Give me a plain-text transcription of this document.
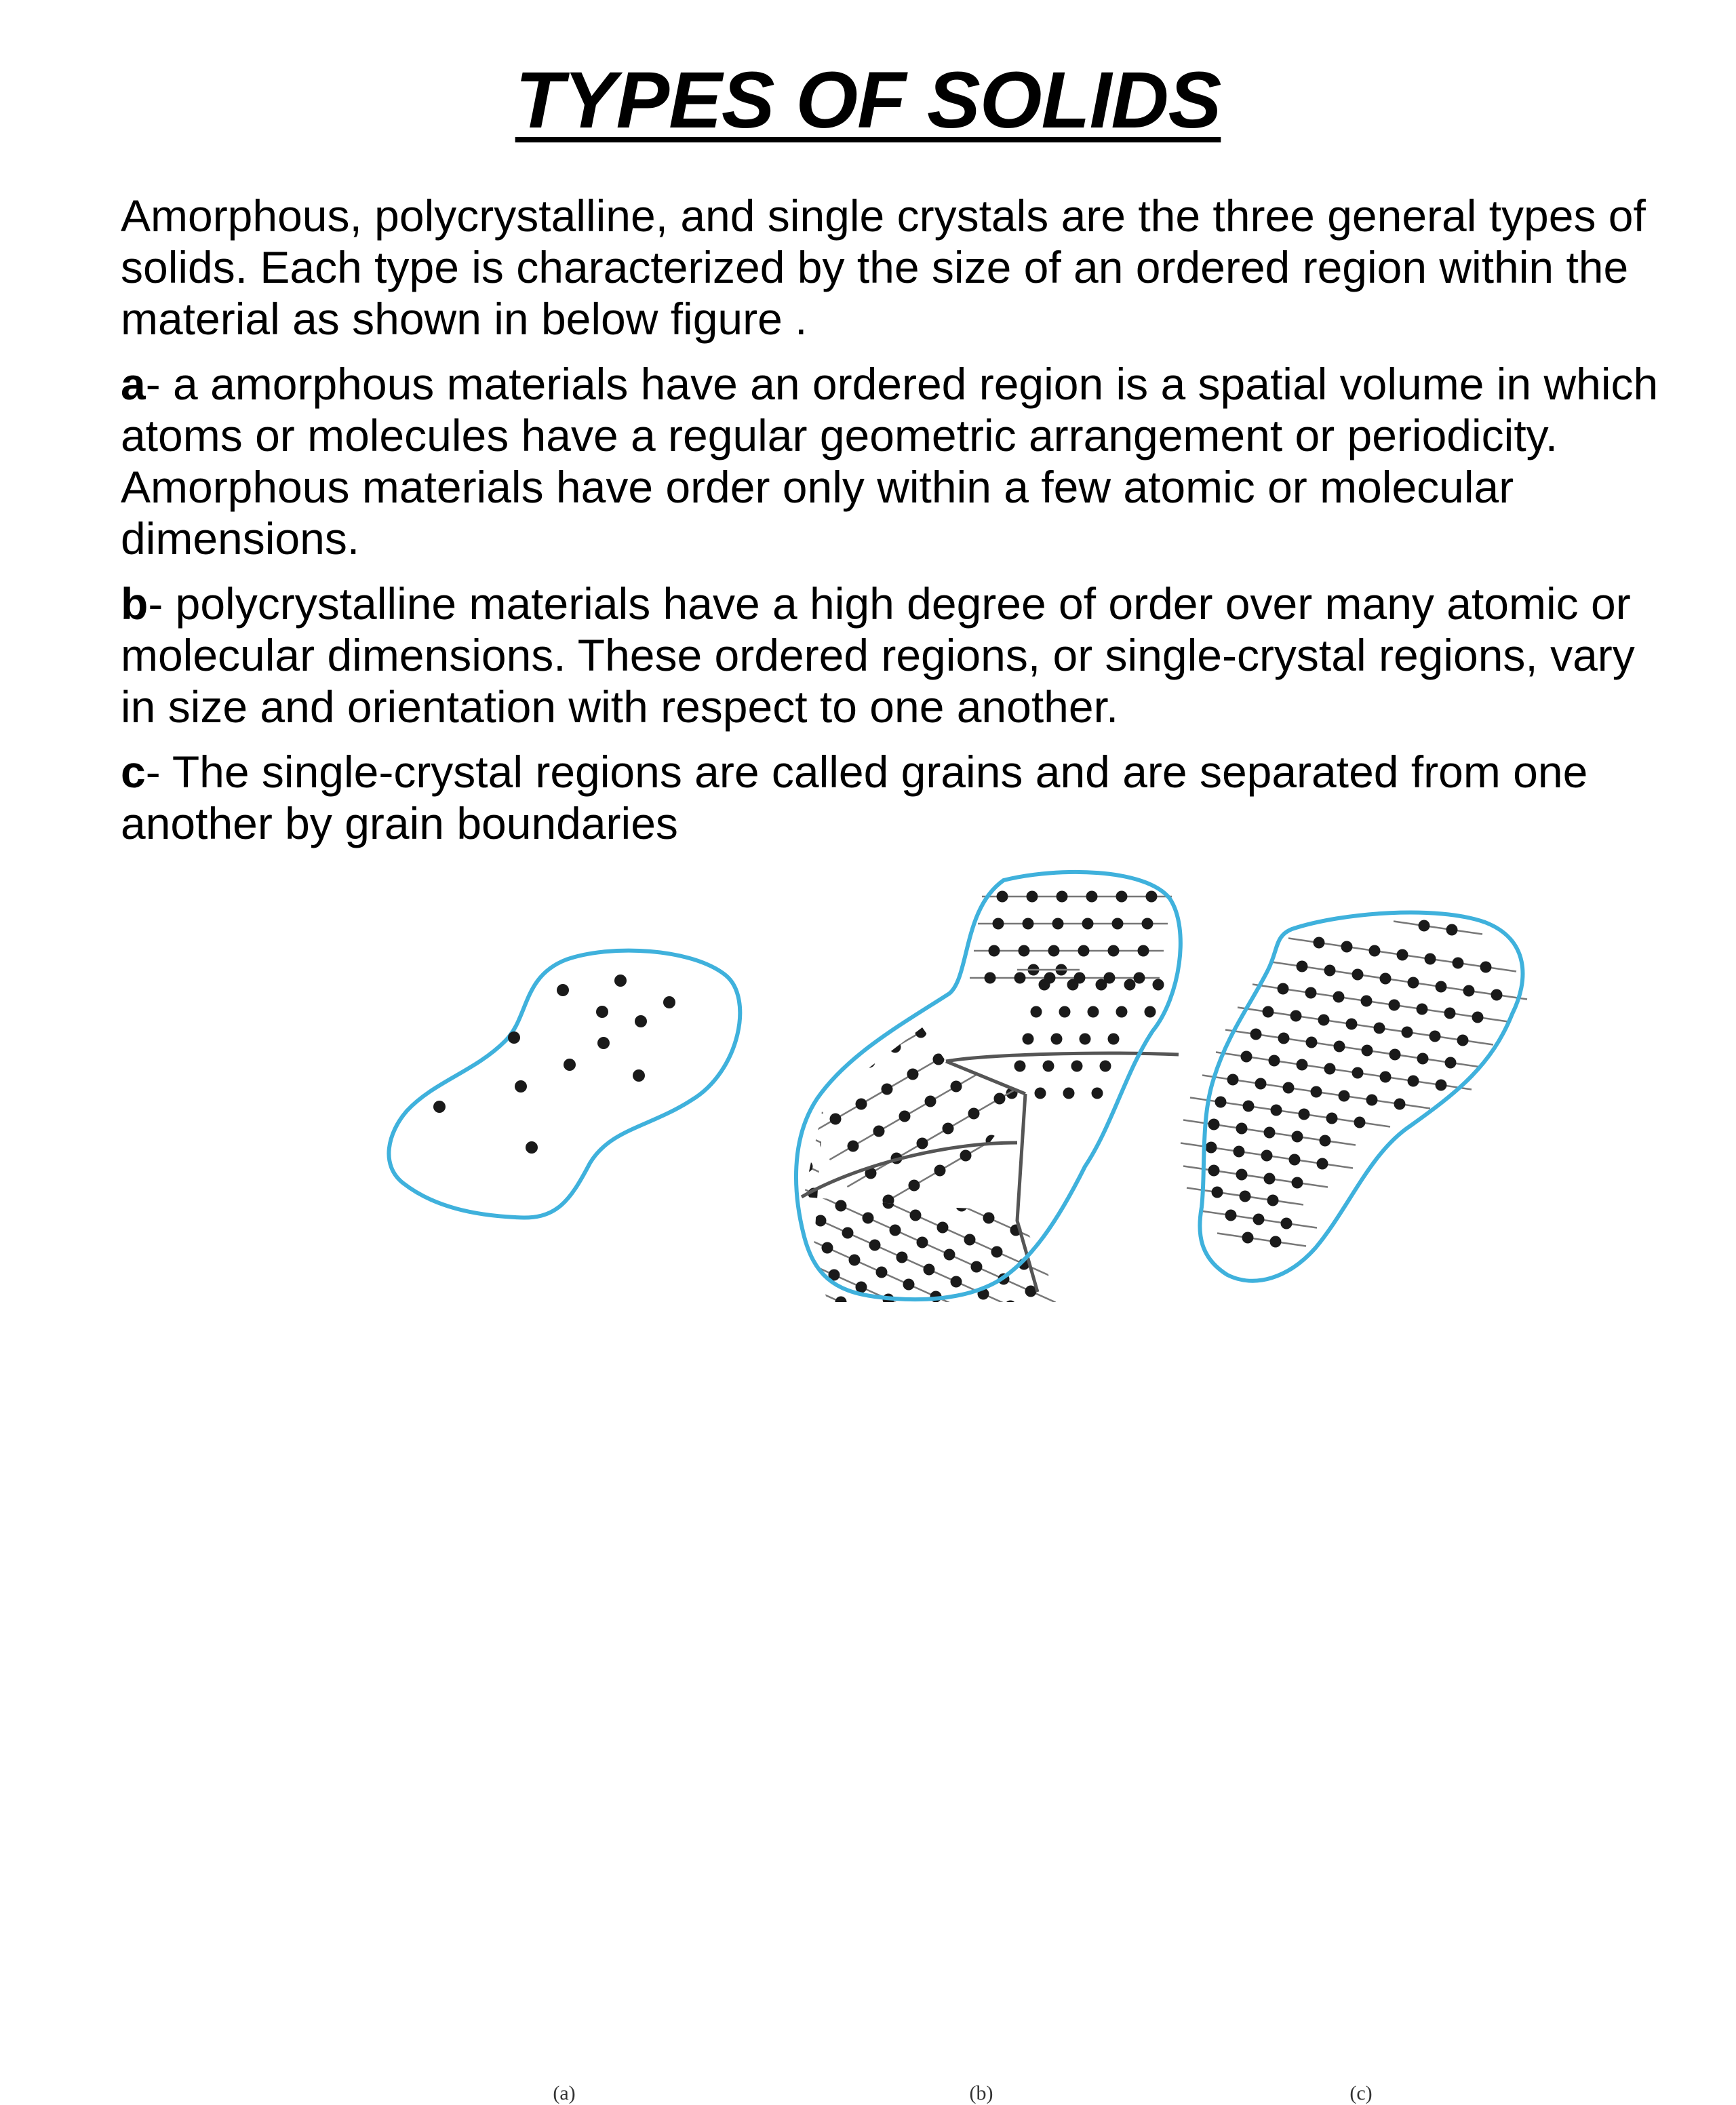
TYPES OF SOLIDS

Amorphous, polycrystalline, and single crystals are the three general types of solids. Each type is characterized by the size of an ordered region within the material as shown in below figure .

a- a amorphous materials have an ordered region is a spatial volume in which atoms or molecules have a regular geometric arrangement or periodicity. Amorphous materials have order only within a few atomic or molecular dimensions.

b- polycrystalline materials have a high degree of order over many atomic or molecular dimensions. These ordered regions, or single-crystal regions, vary in size and orientation with respect to one another.

c- The single-crystal regions are called grains and are separated from one another by grain boundaries

(a)	(b)	(c)
